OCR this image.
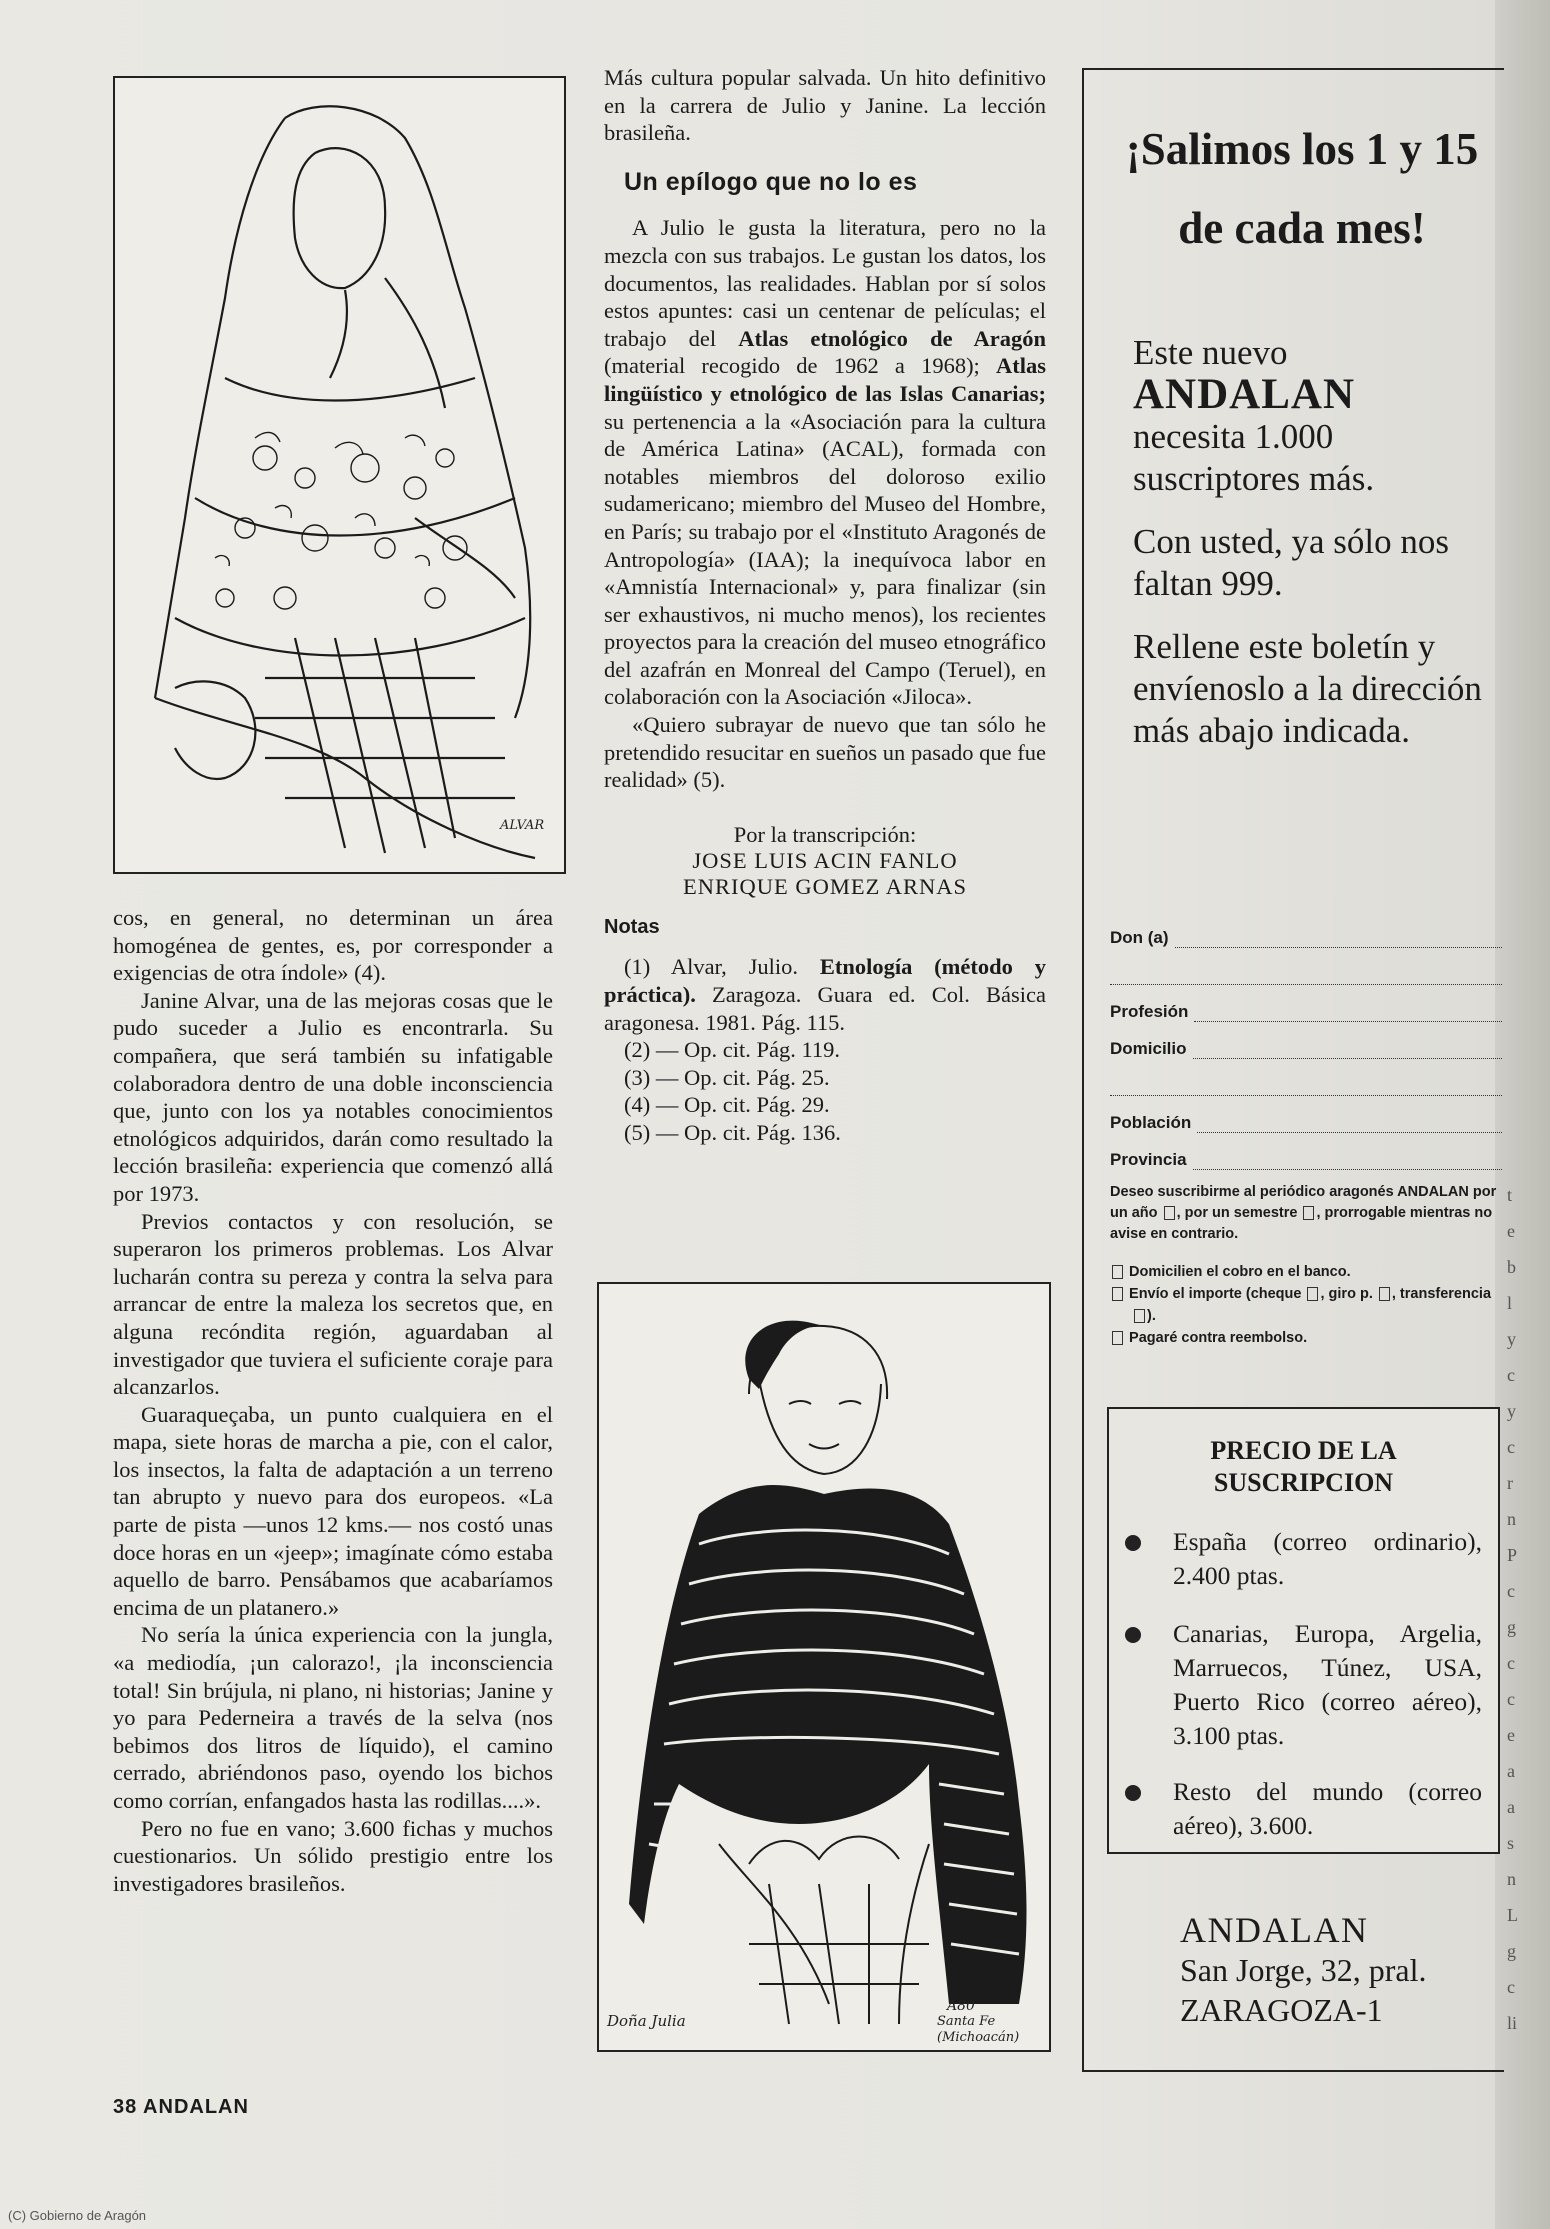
t
e
b
l
y
c
y
c
r
n
P
c
g
c
c
e
a
a
s
n
L
g
c
li
ALVAR

cos, en general, no determinan un área homogénea de gentes, es, por corresponder a exigencias de otra índole» (4).

Janine Alvar, una de las mejoras cosas que le pudo suceder a Julio es encontrarla. Su compañera, que será también su infatigable colaboradora dentro de una doble inconsciencia que, junto con los ya notables conocimientos etnológicos adquiridos, darán como resultado la lección brasileña: experiencia que comenzó allá por 1973.

Previos contactos y con resolución, se superaron los primeros problemas. Los Alvar lucharán contra su pereza y contra la selva para arrancar de entre la maleza los secretos que, en alguna recóndita región, aguardaban al investigador que tuviera el suficiente coraje para alcanzarlos.

Guaraqueçaba, un punto cualquiera en el mapa, siete horas de marcha a pie, con el calor, los insectos, la falta de adaptación a un terreno tan abrupto y nuevo para dos europeos. «La parte de pista —unos 12 kms.— nos costó unas doce horas en un «jeep»; imagínate cómo estaba aquello de barro. Pensábamos que acabaríamos encima de un platanero.»

No sería la única experiencia con la jungla, «a mediodía, ¡un calorazo!, ¡la inconsciencia total! Sin brújula, ni plano, ni historias; Janine y yo para Pederneira a través de la selva (nos bebimos dos litros de líquido), el camino cerrado, abriéndonos paso, oyendo los bichos como corrían, enfangados hasta las rodillas....».

Pero no fue en vano; 3.600 fichas y muchos cuestionarios. Un sólido prestigio entre los investigadores brasileños.

38 ANDALAN

Más cultura popular salvada. Un hito definitivo en la carrera de Julio y Janine. La lección brasileña.

Un epílogo que no lo es

A Julio le gusta la literatura, pero no la mezcla con sus trabajos. Le gustan los datos, los documentos, las realidades. Hablan por sí solos estos apuntes: casi un centenar de películas; el trabajo del Atlas etnológico de Aragón (material recogido de 1962 a 1968); Atlas lingüístico y etnológico de las Islas Canarias; su pertenencia a la «Asociación para la cultura de América Latina» (ACAL), formada con notables miembros del doloroso exilio sudamericano; miembro del Museo del Hombre, en París; su trabajo por el «Instituto Aragonés de Antropología» (IAA); la inequívoca labor en «Amnistía Internacional» y, para finalizar (sin ser exhaustivos, ni mucho menos), los recientes proyectos para la creación del museo etnográfico del azafrán en Monreal del Campo (Teruel), en colaboración con la Asociación «Jiloca».

«Quiero subrayar de nuevo que tan sólo he pretendido resucitar en sueños un pasado que fue realidad» (5).

Por la transcripción:
JOSE LUIS ACIN FANLO
ENRIQUE GOMEZ ARNAS
Notas

(1) Alvar, Julio. Etnología (método y práctica). Zaragoza. Guara ed. Col. Básica aragonesa. 1981. Pág. 115.

(2) — Op. cit. Pág. 119.
(3) — Op. cit. Pág. 25.
(4) — Op. cit. Pág. 29.
(5) — Op. cit. Pág. 136.
Doña Julia
A80
Santa Fe
(Michoacán)
¡Salimos los 1 y 15
de cada mes!
Este nuevo
ANDALAN
necesita 1.000 suscriptores más.
Con usted, ya sólo nos faltan 999.
Rellene este boletín y envíenoslo a la dirección más abajo indicada.
Don (a)
Profesión
Domicilio
Población
Provincia
Deseo suscribirme al periódico aragonés ANDALAN por un año , por un semestre , prorrogable mientras no avise en contrario.
Domicilien el cobro en el banco.
Envío el importe (cheque , giro p. , transferencia ).
Pagaré contra reembolso.
PRECIO DE LA
SUSCRIPCION
España (correo ordinario), 2.400 ptas.
Canarias, Europa, Argelia, Marruecos, Túnez, USA, Puerto Rico (correo aéreo), 3.100 ptas.
Resto del mundo (correo aéreo), 3.600.
ANDALAN
San Jorge, 32, pral.
ZARAGOZA-1
(C) Gobierno de Aragón
